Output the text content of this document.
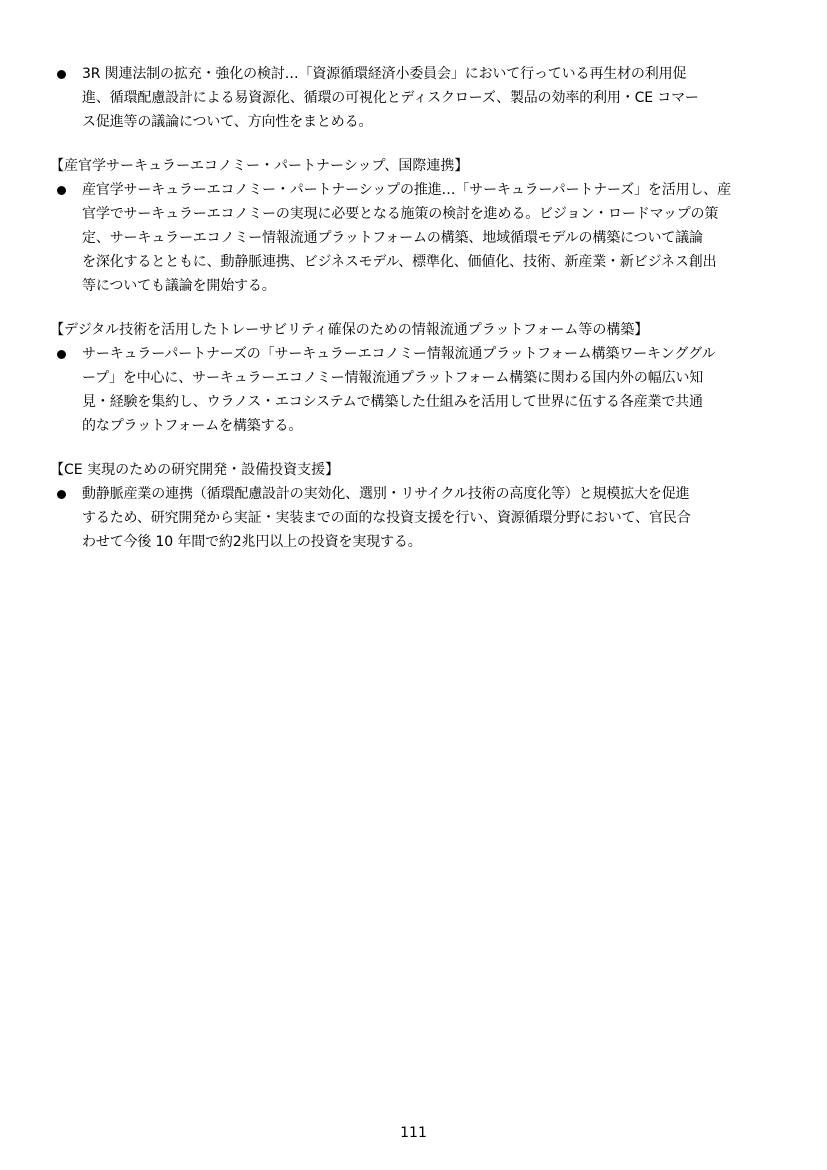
3R 関連法制の拡充・強化の検討…「資源循環経済小委員会」において行っている再生材の利用促
進、循環配慮設計による易資源化、循環の可視化とディスクローズ、製品の効率的利用・CE コマー
ス促進等の議論について、方向性をまとめる。
【産官学サーキュラーエコノミー・パートナーシップ、国際連携】
産官学サーキュラーエコノミー・パートナーシップの推進…「サーキュラーパートナーズ」を活用し、産
官学でサーキュラーエコノミーの実現に必要となる施策の検討を進める。ビジョン・ロードマップの策
定、サーキュラーエコノミー情報流通プラットフォームの構築、地域循環モデルの構築について議論
を深化するとともに、動静脈連携、ビジネスモデル、標準化、価値化、技術、新産業・新ビジネス創出
等についても議論を開始する。
【デジタル技術を活用したトレーサビリティ確保のための情報流通プラットフォーム等の構築】
サーキュラーパートナーズの「サーキュラーエコノミー情報流通プラットフォーム構築ワーキンググル
ープ」を中心に、サーキュラーエコノミー情報流通プラットフォーム構築に関わる国内外の幅広い知
見・経験を集約し、ウラノス・エコシステムで構築した仕組みを活用して世界に伍する各産業で共通
的なプラットフォームを構築する。
【CE 実現のための研究開発・設備投資支援】
動静脈産業の連携（循環配慮設計の実効化、選別・リサイクル技術の高度化等）と規模拡大を促進
するため、研究開発から実証・実装までの面的な投資支援を行い、資源循環分野において、官民合
わせて今後 10 年間で約2兆円以上の投資を実現する。
111
